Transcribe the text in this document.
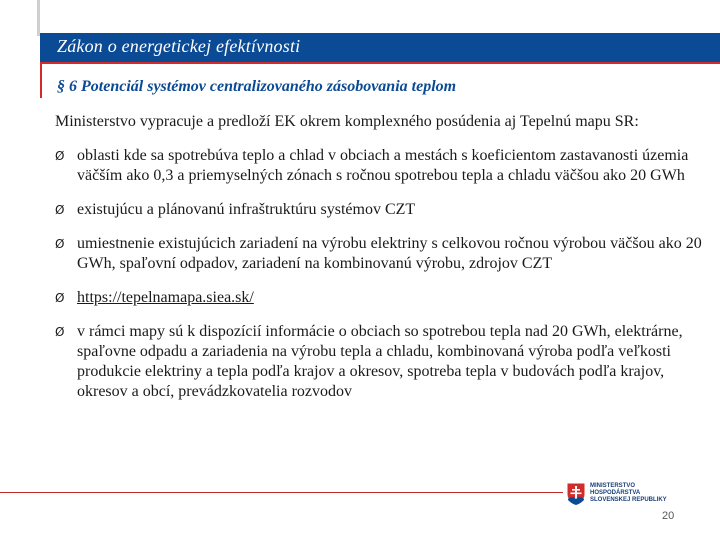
Zákon o energetickej efektívnosti
§ 6 Potenciál systémov centralizovaného zásobovania teplom
Ministerstvo vypracuje a predloží EK okrem komplexného posúdenia aj Tepelnú mapu SR:
Ø oblasti kde sa spotrebúva teplo a chlad v obciach a mestách s koeficientom zastavanosti územia väčším ako 0,3 a priemyselných zónach s ročnou spotrebou tepla a chladu väčšou ako 20 GWh
Ø existujúcu a plánovanú infraštruktúru systémov CZT
Ø umiestnenie existujúcich zariadení na výrobu elektriny s celkovou ročnou výrobou väčšou ako 20 GWh, spaľovní odpadov, zariadení na kombinovanú výrobu, zdrojov CZT
Ø https://tepelnamapa.siea.sk/
Ø v rámci mapy sú k dispozícií informácie o obciach so spotrebou tepla nad 20 GWh, elektrárne, spaľovne odpadu a zariadenia na výrobu tepla a chladu, kombinovaná výroba podľa veľkosti produkcie elektriny a tepla podľa krajov a okresov, spotreba tepla v budovách podľa krajov, okresov a obcí, prevádzkovatelia rozvodov
MINISTERSTVO
HOSPODÁRSTVA
SLOVENSKEJ REPUBLIKY
20
